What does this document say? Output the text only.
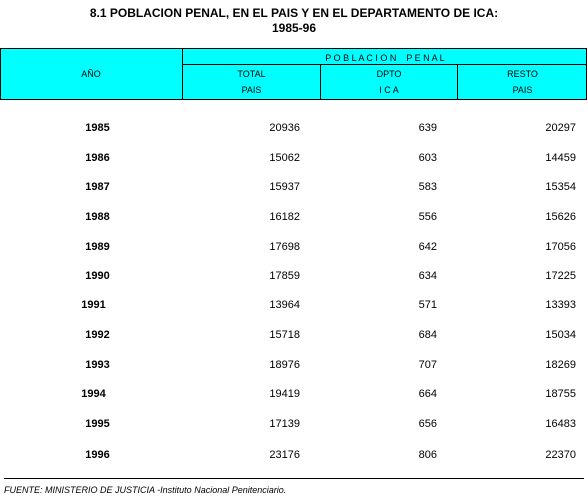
8.1 POBLACION PENAL, EN EL PAIS Y EN EL DEPARTAMENTO DE ICA:
1985-96
AÑO
P O B L A C I O N    P E N A L
TOTAL
PAIS
DPTO
I C A
RESTO
PAIS
1985	20936	639	20297
1986	15062	603	14459
1987	15937	583	15354
1988	16182	556	15626
1989	17698	642	17056
1990	17859	634	17225
1991	13964	571	13393
1992	15718	684	15034
1993	18976	707	18269
1994	19419	664	18755
1995	17139	656	16483
1996	23176	806	22370
FUENTE: MINISTERIO DE JUSTICIA -Instituto Nacional Penitenciario.
